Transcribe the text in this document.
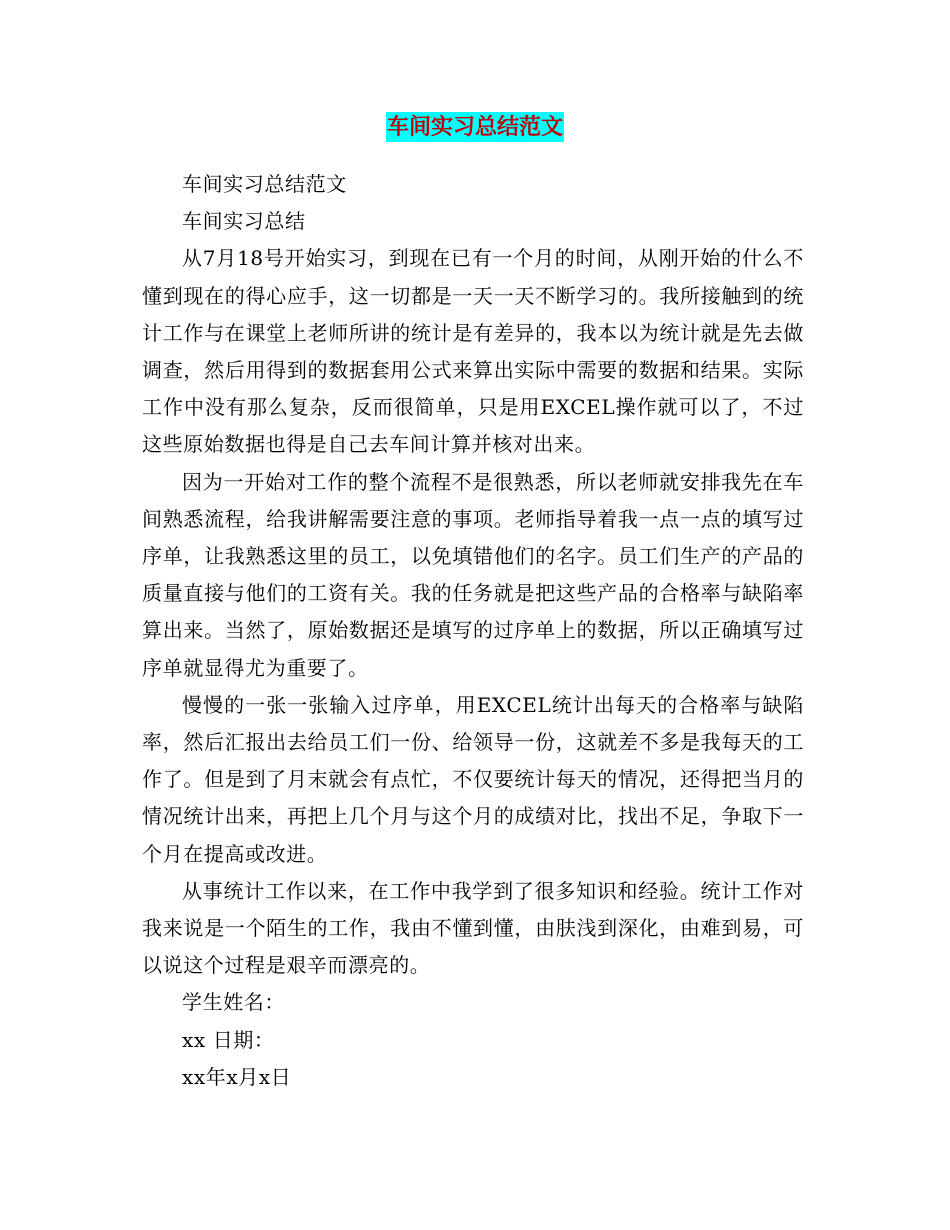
车间实习总结范文

车间实习总结范文

车间实习总结

从7月18号开始实习，到现在已有一个月的时间，从刚开始的什么不懂到现在的得心应手，这一切都是一天一天不断学习的。我所接触到的统计工作与在课堂上老师所讲的统计是有差异的，我本以为统计就是先去做调查，然后用得到的数据套用公式来算出实际中需要的数据和结果。实际工作中没有那么复杂，反而很简单，只是用EXCEL操作就可以了，不过这些原始数据也得是自己去车间计算并核对出来。

因为一开始对工作的整个流程不是很熟悉，所以老师就安排我先在车间熟悉流程，给我讲解需要注意的事项。老师指导着我一点一点的填写过序单，让我熟悉这里的员工，以免填错他们的名字。员工们生产的产品的质量直接与他们的工资有关。我的任务就是把这些产品的合格率与缺陷率算出来。当然了，原始数据还是填写的过序单上的数据，所以正确填写过序单就显得尤为重要了。

慢慢的一张一张输入过序单，用EXCEL统计出每天的合格率与缺陷率，然后汇报出去给员工们一份、给领导一份，这就差不多是我每天的工作了。但是到了月末就会有点忙，不仅要统计每天的情况，还得把当月的情况统计出来，再把上几个月与这个月的成绩对比，找出不足，争取下一个月在提高或改进。

从事统计工作以来，在工作中我学到了很多知识和经验。统计工作对我来说是一个陌生的工作，我由不懂到懂，由肤浅到深化，由难到易，可以说这个过程是艰辛而漂亮的。

学生姓名：

xx 日期：

xx年x月x日
